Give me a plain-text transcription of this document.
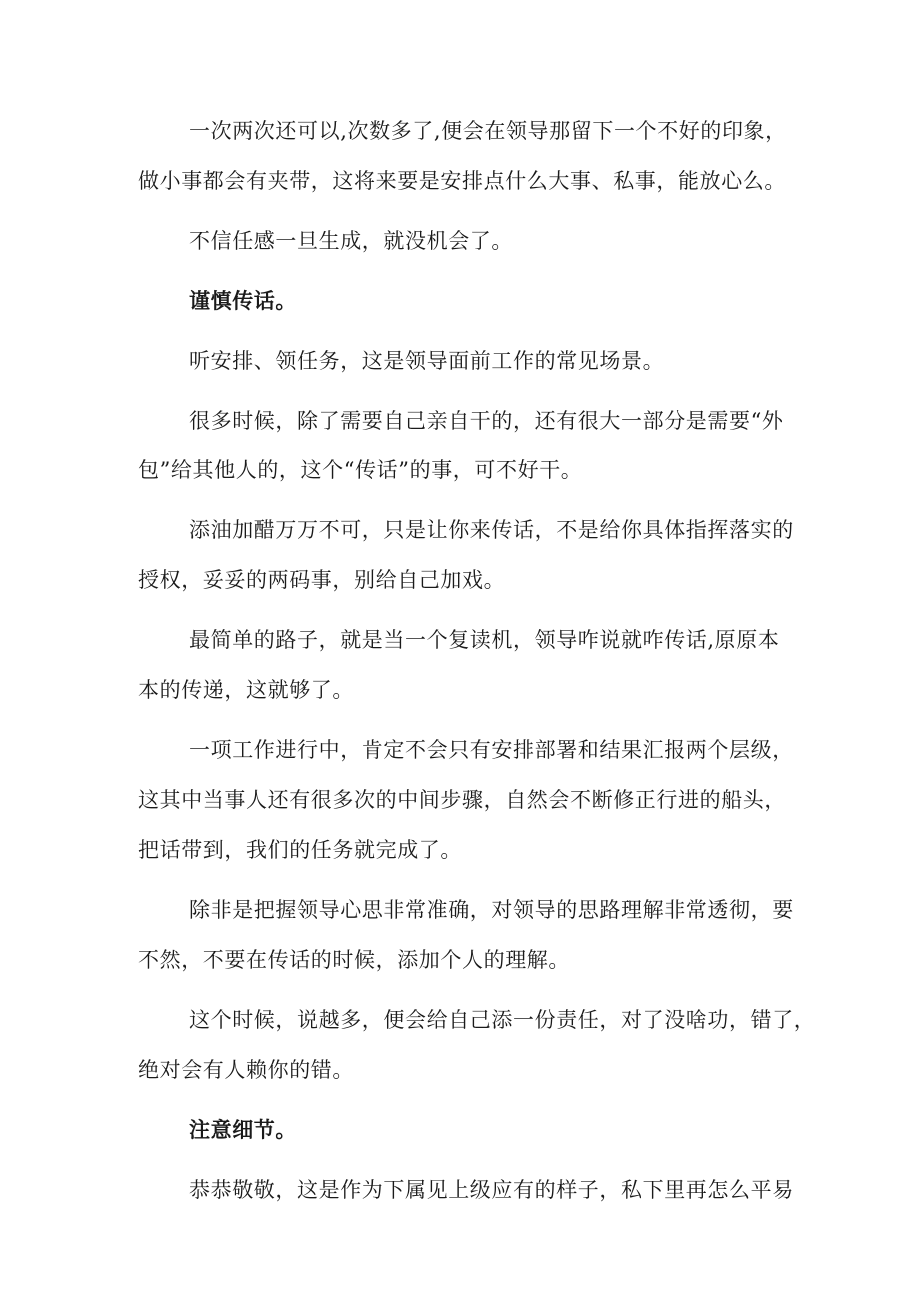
一次两次还可以,次数多了,便会在领导那留下一个不好的印象，
做小事都会有夹带，这将来要是安排点什么大事、私事，能放心么。
不信任感一旦生成，就没机会了。
谨慎传话。
听安排、领任务，这是领导面前工作的常见场景。
很多时候，除了需要自己亲自干的，还有很大一部分是需要“外
包”给其他人的，这个“传话”的事，可不好干。
添油加醋万万不可，只是让你来传话，不是给你具体指挥落实的
授权，妥妥的两码事，别给自己加戏。
最简单的路子，就是当一个复读机，领导咋说就咋传话,原原本
本的传递，这就够了。
一项工作进行中，肯定不会只有安排部署和结果汇报两个层级，
这其中当事人还有很多次的中间步骤，自然会不断修正行进的船头，
把话带到，我们的任务就完成了。
除非是把握领导心思非常准确，对领导的思路理解非常透彻，要
不然，不要在传话的时候，添加个人的理解。
这个时候，说越多，便会给自己添一份责任，对了没啥功，错了，
绝对会有人赖你的错。
注意细节。
恭恭敬敬，这是作为下属见上级应有的样子，私下里再怎么平易
